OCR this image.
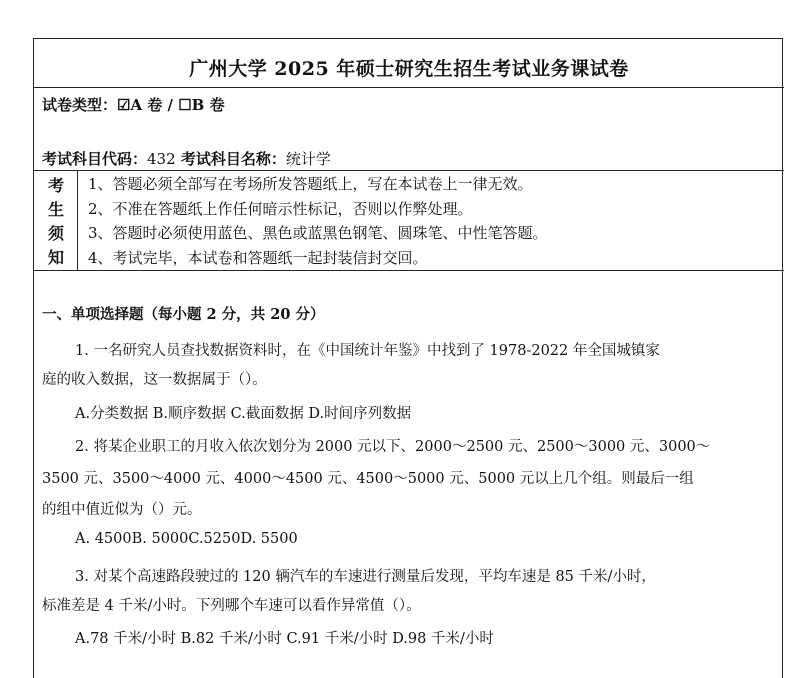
广州大学 2025 年硕士研究生招生考试业务课试卷
试卷类型：☑A 卷 / ☐B 卷
考试科目代码：432 考试科目名称：统计学
考
生
须
知
1、答题必须全部写在考场所发答题纸上，写在本试卷上一律无效。
2、不准在答题纸上作任何暗示性标记，否则以作弊处理。
3、答题时必须使用蓝色、黑色或蓝黑色钢笔、圆珠笔、中性笔答题。
4、考试完毕，本试卷和答题纸一起封装信封交回。
一、单项选择题（每小题 2 分，共 20 分）
1. 一名研究人员查找数据资料时，在《中国统计年鉴》中找到了 1978-2022 年全国城镇家
庭的收入数据，这一数据属于（）。
A.分类数据 B.顺序数据 C.截面数据 D.时间序列数据
2. 将某企业职工的月收入依次划分为 2000 元以下、2000～2500 元、2500～3000 元、3000～
3500 元、3500～4000 元、4000～4500 元、4500～5000 元、5000 元以上几个组。则最后一组
的组中值近似为（）元。
A. 4500B. 5000C.5250D. 5500
3. 对某个高速路段驶过的 120 辆汽车的车速进行测量后发现，平均车速是 85 千米/小时，
标准差是 4 千米/小时。下列哪个车速可以看作异常值（）。
A.78 千米/小时 B.82 千米/小时 C.91 千米/小时 D.98 千米/小时
